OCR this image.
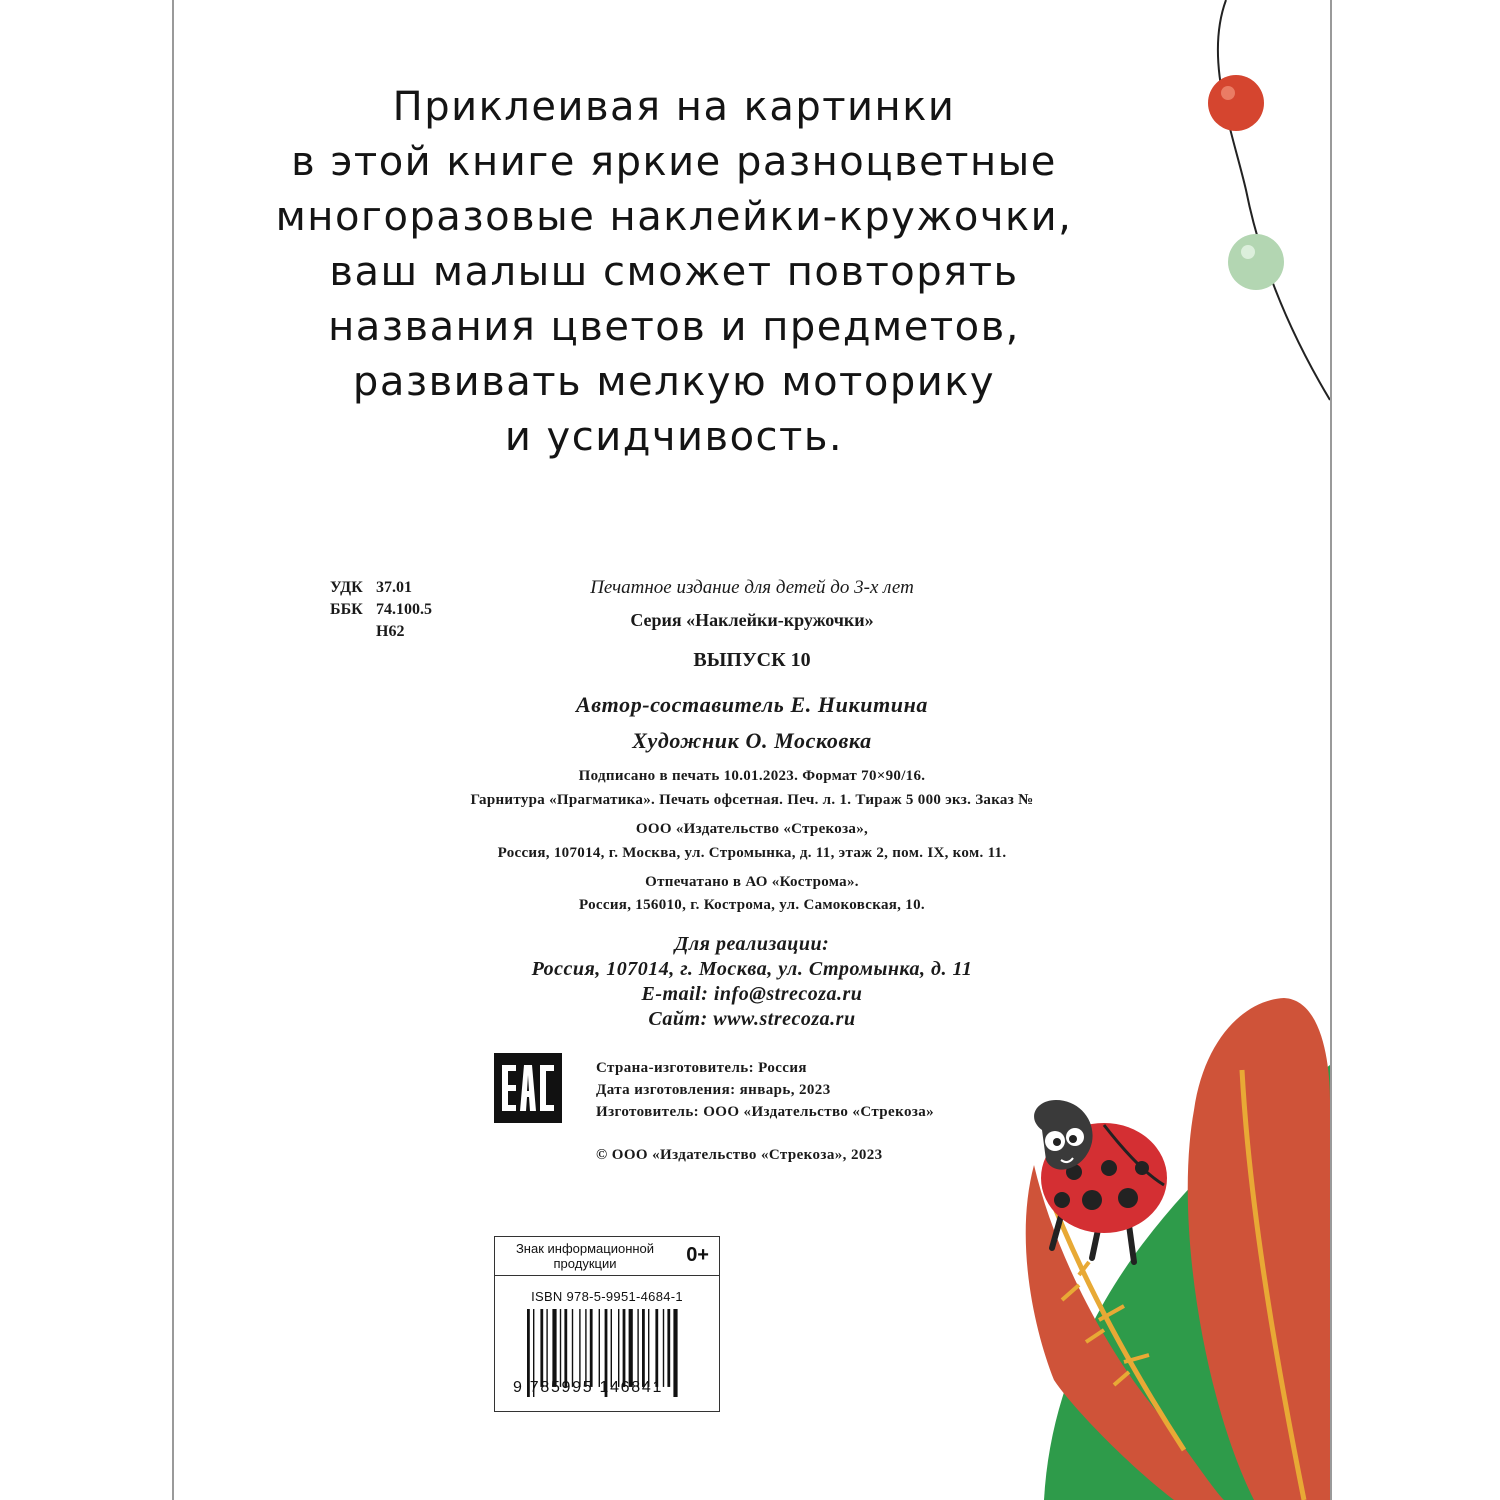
Приклеивая на картинки
в этой книге яркие разноцветные
многоразовые наклейки-кружочки,
ваш малыш сможет повторять
названия цветов и предметов,
развивать мелкую моторику
и усидчивость.

УДК 37.01
ББК 74.100.5
Н62
Печатное издание для детей до 3-х лет
Серия «Наклейки-кружочки»
ВЫПУСК 10
Автор-составитель Е. Никитина
Художник О. Московка
Подписано в печать 10.01.2023. Формат 70×90/16.
Гарнитура «Прагматика». Печать офсетная. Печ. л. 1. Тираж 5 000 экз. Заказ №
ООО «Издательство «Стрекоза»,
Россия, 107014, г. Москва, ул. Стромынка, д. 11, этаж 2, пом. IX, ком. 11.
Отпечатано в АО «Кострома».
Россия, 156010, г. Кострома, ул. Самоковская, 10.
Для реализации:
Россия, 107014, г. Москва, ул. Стромынка, д. 11
E-mail: info@strecoza.ru
Сайт: www.strecoza.ru
Страна-изготовитель: Россия
Дата изготовления: январь, 2023
Изготовитель: ООО «Издательство «Стрекоза»
© ООО «Издательство «Стрекоза», 2023
Знак информационной продукции	0+
ISBN 978-5-9951-4684-1
9 785995 146841
